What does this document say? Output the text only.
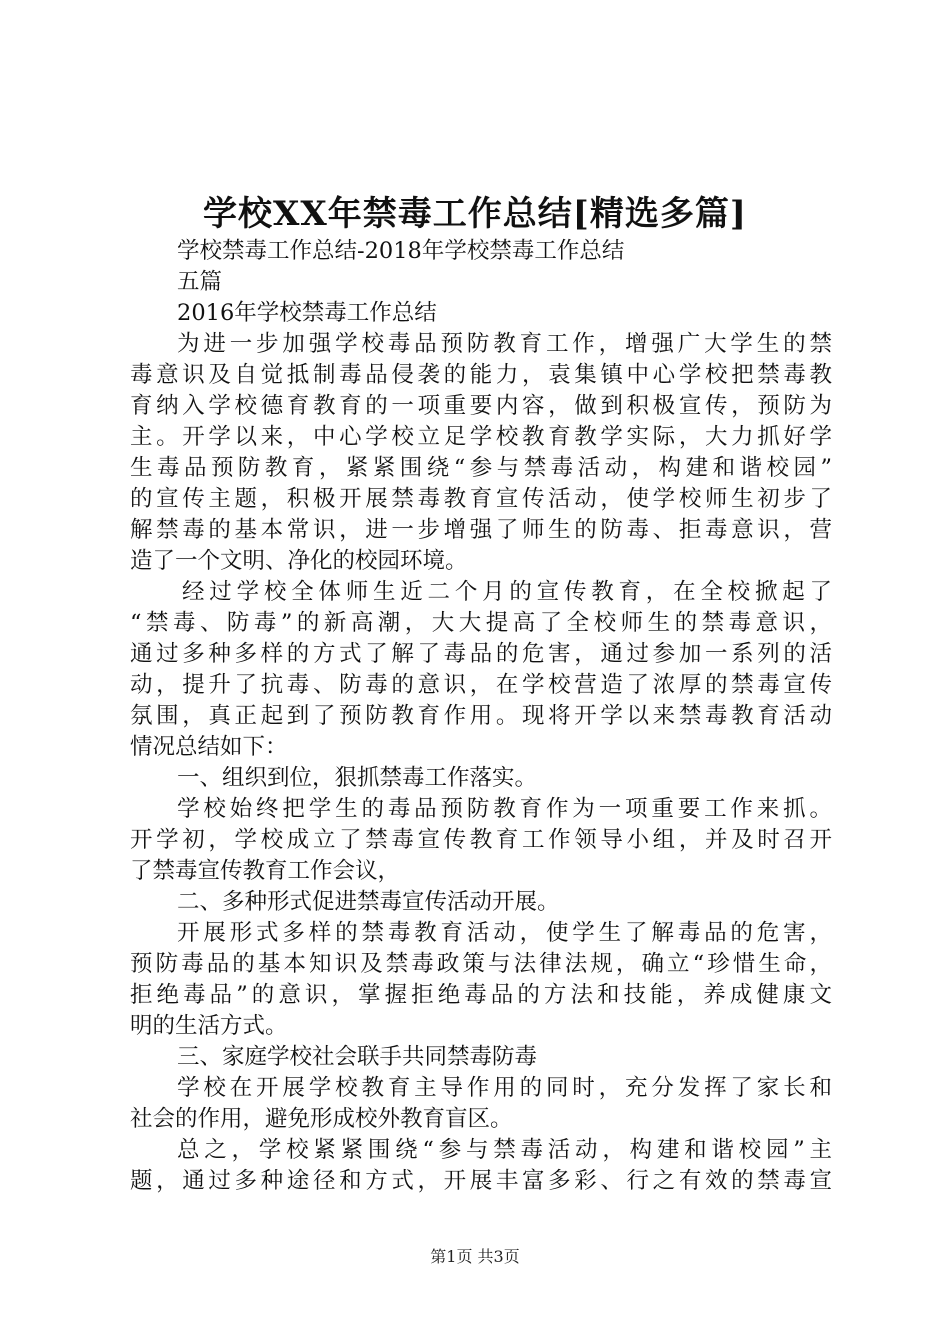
学校XX年禁毒工作总结[精选多篇]
学校禁毒工作总结-2018年学校禁毒工作总结
五篇
2016年学校禁毒工作总结
为进一步加强学校毒品预防教育工作，增强广大学生的禁
毒意识及自觉抵制毒品侵袭的能力，袁集镇中心学校把禁毒教
育纳入学校德育教育的一项重要内容，做到积极宣传，预防为
主。开学以来，中心学校立足学校教育教学实际，大力抓好学
生毒品预防教育，紧紧围绕“参与禁毒活动，构建和谐校园”
的宣传主题，积极开展禁毒教育宣传活动，使学校师生初步了
解禁毒的基本常识，进一步增强了师生的防毒、拒毒意识，营
造了一个文明、净化的校园环境。
经过学校全体师生近二个月的宣传教育，在全校掀起了
“禁毒、防毒”的新高潮，大大提高了全校师生的禁毒意识，
通过多种多样的方式了解了毒品的危害，通过参加一系列的活
动，提升了抗毒、防毒的意识，在学校营造了浓厚的禁毒宣传
氛围，真正起到了预防教育作用。现将开学以来禁毒教育活动
情况总结如下：
一、组织到位，狠抓禁毒工作落实。
学校始终把学生的毒品预防教育作为一项重要工作来抓。
开学初，学校成立了禁毒宣传教育工作领导小组，并及时召开
了禁毒宣传教育工作会议，
二、多种形式促进禁毒宣传活动开展。
开展形式多样的禁毒教育活动，使学生了解毒品的危害，
预防毒品的基本知识及禁毒政策与法律法规，确立“珍惜生命，
拒绝毒品”的意识，掌握拒绝毒品的方法和技能，养成健康文
明的生活方式。
三、家庭学校社会联手共同禁毒防毒
学校在开展学校教育主导作用的同时，充分发挥了家长和
社会的作用，避免形成校外教育盲区。
总之，学校紧紧围绕“参与禁毒活动，构建和谐校园”主
题，通过多种途径和方式，开展丰富多彩、行之有效的禁毒宣
第1页 共3页
